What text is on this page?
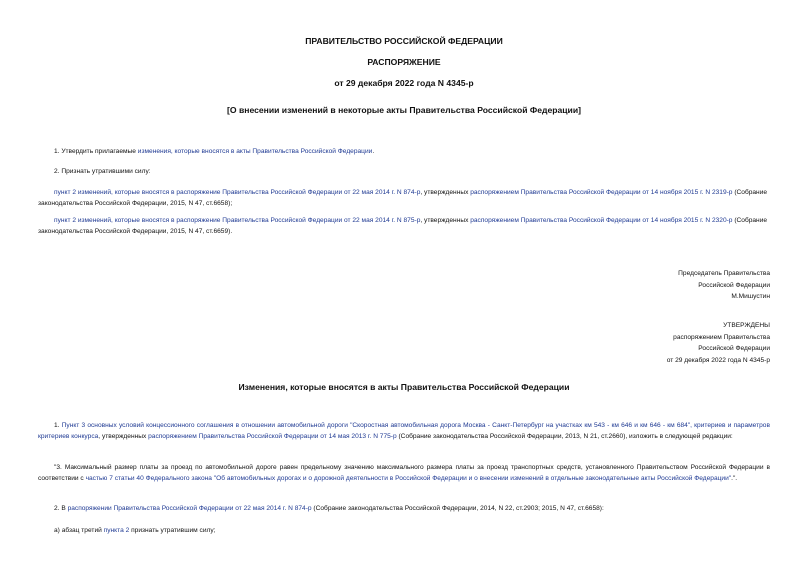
ПРАВИТЕЛЬСТВО РОССИЙСКОЙ ФЕДЕРАЦИИ
РАСПОРЯЖЕНИЕ
от 29 декабря 2022 года N 4345-р
[О внесении изменений в некоторые акты Правительства Российской Федерации]
1. Утвердить прилагаемые изменения, которые вносятся в акты Правительства Российской Федерации.
2. Признать утратившими силу:
пункт 2 изменений, которые вносятся в распоряжение Правительства Российской Федерации от 22 мая 2014 г. N 874-р, утвержденных распоряжением Правительства Российской Федерации от 14 ноября 2015 г. N 2319-р (Собрание законодательства Российской Федерации, 2015, N 47, ст.6658);
пункт 2 изменений, которые вносятся в распоряжение Правительства Российской Федерации от 22 мая 2014 г. N 875-р, утвержденных распоряжением Правительства Российской Федерации от 14 ноября 2015 г. N 2320-р (Собрание законодательства Российской Федерации, 2015, N 47, ст.6659).
Председатель Правительства
Российской Федерации
М.Мишустин
УТВЕРЖДЕНЫ
распоряжением Правительства
Российской Федерации
от 29 декабря 2022 года N 4345-р
Изменения, которые вносятся в акты Правительства Российской Федерации
1. Пункт 3 основных условий концессионного соглашения в отношении автомобильной дороги "Скоростная автомобильная дорога Москва - Санкт-Петербург на участках км 543 - км 646 и км 646 - км 684", критериев и параметров критериев конкурса, утвержденных распоряжением Правительства Российской Федерации от 14 мая 2013 г. N 775-р (Собрание законодательства Российской Федерации, 2013, N 21, ст.2660), изложить в следующей редакции:
"3. Максимальный размер платы за проезд по автомобильной дороге равен предельному значению максимального размера платы за проезд транспортных средств, установленного Правительством Российской Федерации в соответствии с частью 7 статьи 40 Федерального закона "Об автомобильных дорогах и о дорожной деятельности в Российской Федерации и о внесении изменений в отдельные законодательные акты Российской Федерации".".
2. В распоряжении Правительства Российской Федерации от 22 мая 2014 г. N 874-р (Собрание законодательства Российской Федерации, 2014, N 22, ст.2903; 2015, N 47, ст.6658):
а) абзац третий пункта 2 признать утратившим силу;
